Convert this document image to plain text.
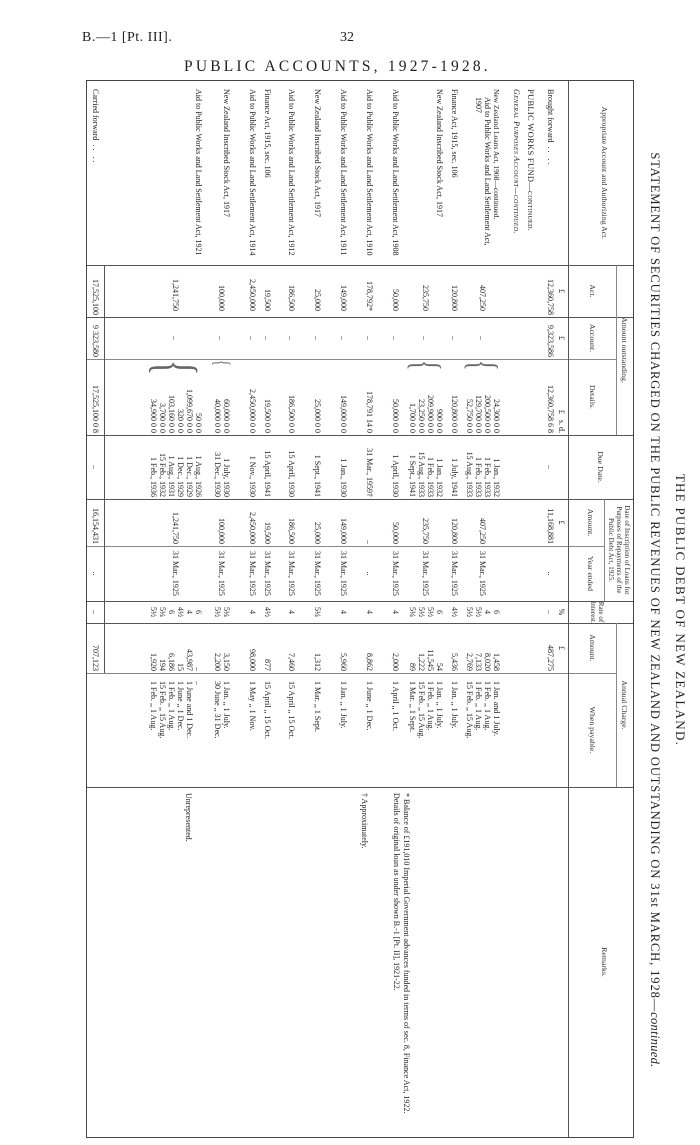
B.—1 [Pt. III].	32
PUBLIC ACCOUNTS, 1927-1928.
THE PUBLIC DEBT OF NEW ZEALAND.
STATEMENT OF SECURITIES CHARGED ON THE PUBLIC REVENUES OF NEW ZEALAND AND OUTSTANDING ON 31st MARCH, 1928—continued.
Appropriate Account and Authorizing Act.
Amount outstanding.
Act.
Account.
Details.
Due Date.
Date of Inscription of Loans for Purposes of Repayments of the Public Debt Act, 1925.
Amount.
Year ended
Rate of Interest.
Annual Charge.
Amount.
When payable.
Remarks.
£
£
£   s. d.
£
%
£
Brought forward  . .   . .
12,360,758
9,323,586
12,360,758 6 8
..
11,168,881
..
..
487,275
PUBLIC WORKS FUND—continued.
General Purposes Account—continued.
New Zealand Loans Act, 1908—continued.
Aid to Public Works and Land Settlement Act, 1907
407,250
..
{
24,300 0 0
200,500 0 0
129,700 0 0
52,750 0 0
1 Jan., 1932
1 Feb., 1933
1 Feb., 1933
15 Aug., 1933
407,250
31 Mar., 1925
6
4
5½
5½
1,458
8,020
7,133
2,769
1 Jan. and 1 July.
1 Feb. ,, 1 Aug.
1 Feb. ,, 1 Aug.
15 Feb. ,, 15 Aug.
Finance Act, 1915, sec. 106
120,800
..
120,800 0 0
1 July, 1941
120,800
31 Mar., 1925
4½
5,436
1 Jan. ,, 1 July.
New Zealand Inscribed Stock Act, 1917
235,750
..
{
900 0 0
209,900 0 0
23,250 0 0
1,700 0 0
1 Jan., 1932
1 Feb., 1933
15 Aug., 1933
1 Sept., 1941
235,750
31 Mar., 1925
6
5½
5½
5¼
54
11,545
1,222
89
1 Jan. ,, 1 July.
1 Feb. ,, 1 Aug.
15 Feb. ,, 15 Aug.
1 Mar. ,, 1 Sept.
Aid to Public Works and Land Settlement Act, 1908
50,000
..
50,000 0 0
1 April, 1930
50,000
31 Mar., 1925
4
2,000
1 April ,, 1 Oct.
Aid to Public Works and Land Settlement Act, 1910
178,792*
..
178,791 14 0
31 Mar., 1959†
..
..
4
8,862
1 June ,, 1 Dec.
Aid to Public Works and Land Settlement Act, 1911
149,000
..
149,000 0 0
1 Jan., 1930
149,000
31 Mar., 1925
4
5,960
1 Jan. ,, 1 July.
New Zealand Inscribed Stock Act, 1917
25,000
..
25,000 0 0
1 Sept., 1941
25,000
31 Mar., 1925
5¼
1,312
1 Mar. ,, 1 Sept.
Aid to Public Works and Land Settlement Act, 1912
186,500
..
186,500 0 0
15 April, 1930
186,500
31 Mar., 1925
4
7,460
15 April ,, 15 Oct.
Finance Act, 1915, sec. 106
19,500
..
19,500 0 0
15 April, 1941
19,500
31 Mar., 1925
4½
877
15 April ,, 15 Oct.
Aid to Public Works and Land Settlement Act, 1914
2,450,000
..
2,450,000 0 0
1 Nov., 1930
2,450,000
31 Mar., 1925
4
98,000
1 May ,, 1 Nov.
New Zealand Inscribed Stock Act, 1917
100,000
..
{
60,000 0 0
40,000 0 0
1 July, 1930
31 Dec., 1930
100,000
31 Mar., 1925
5¼
5½
3,150
2,200
1 Jan. ,, 1 July.
30 June ,, 31 Dec.
Aid to Public Works and Land Settlement Act, 1921
1,241,750
..
{
50 0 0
1,099,670 0 0
320 0 0
103,160 0 0
3,700 0 0
34,900 0 0
1 Aug., 1926
1 Dec., 1929
1 Dec., 1929
1 Aug., 1931
15 Feb., 1932
1 Feb., 1936
1,241,750
31 Mar., 1925
6
4
4½
6
5¼
5½
..
43,987
15
6,186
194
1,920
..
1 June and 1 Dec.
1 June ,, 1 Dec.
1 Feb. ,, 1 Aug.
15 Feb. ,, 15 Aug.
1 Feb. ,, 1 Aug.
* Balance of £191,010 Imperial Government advances funded in terms of sec. 8, Finance Act, 1922. Details of original loan as under shown B.-1 [Pt. II], 1921-22.
† Approximately.
Unrepresented.
Carried forward  . .   . .
17,525,100
9 323,580
17,525,100 0 8
..
16,154,431
..
..
707,123
